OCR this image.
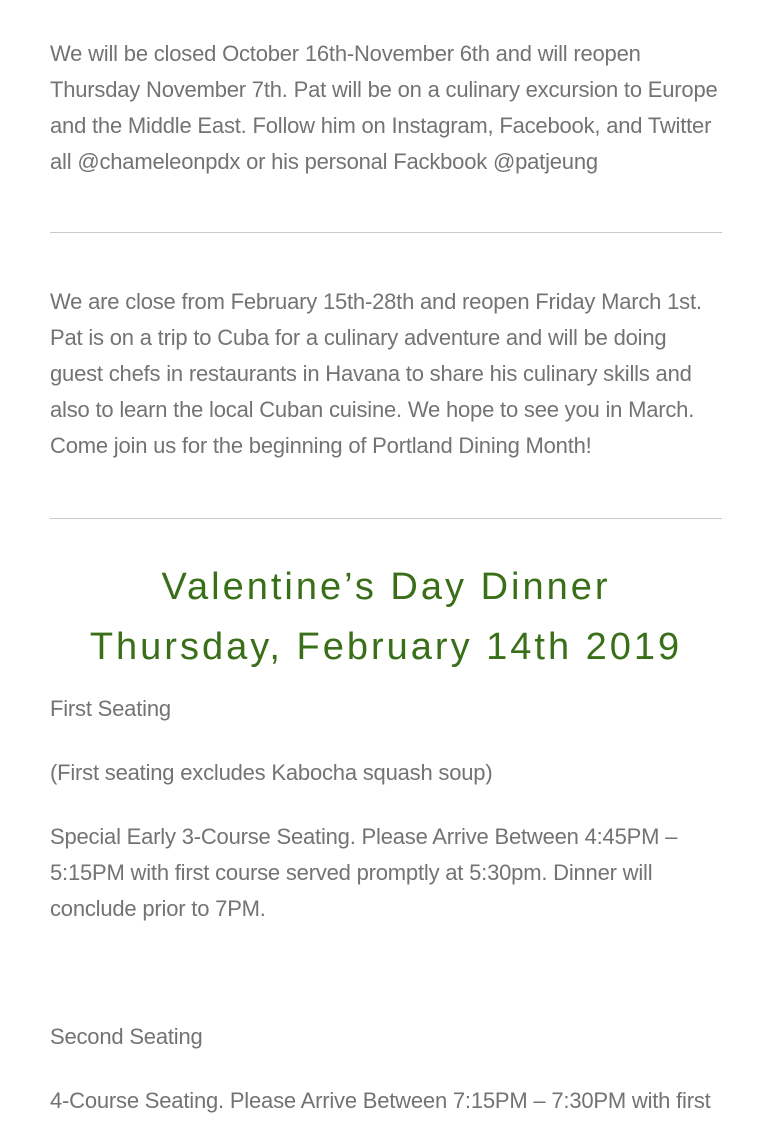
We will be closed October 16th-November 6th and will reopen Thursday November 7th. Pat will be on a culinary excursion to Europe and the Middle East. Follow him on Instagram, Facebook, and Twitter all @chameleonpdx or his personal Fackbook @patjeung

We are close from February 15th-28th and reopen Friday March 1st. Pat is on a trip to Cuba for a culinary adventure and will be doing guest chefs in restaurants in Havana to share his culinary skills and also to learn the local Cuban cuisine. We hope to see you in March. Come join us for the beginning of Portland Dining Month!

Valentine’s Day Dinner
Thursday, February 14th 2019

First Seating

(First seating excludes Kabocha squash soup)

Special Early 3-Course Seating. Please Arrive Between 4:45PM – 5:15PM with first course served promptly at 5:30pm. Dinner will conclude prior to 7PM.

Second Seating

4-Course Seating. Please Arrive Between 7:15PM – 7:30PM with first
